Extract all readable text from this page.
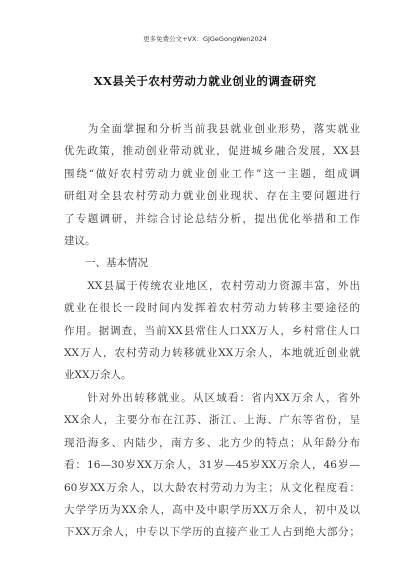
更多免费公文+VX：GJGeGongWen2024
XX县关于农村劳动力就业创业的调查研究
　　为全面掌握和分析当前我县就业创业形势，落实就业
优先政策，推动创业带动就业，促进城乡融合发展，XX县
围绕“做好农村劳动力就业创业工作”这一主题，组成调
研组对全县农村劳动力就业创业现状、存在主要问题进行
了专题调研，并综合讨论总结分析，提出优化举措和工作
建议。
　　一、基本情况
　　XX县属于传统农业地区，农村劳动力资源丰富，外出
就业在很长一段时间内发挥着农村劳动力转移主要途径的
作用。据调查，当前XX县常住人口XX万人，乡村常住人口
XX万人，农村劳动力转移就业XX万余人，本地就近创业就
业XX万余人。
　　针对外出转移就业。从区域看：省内XX万余人，省外
XX余人，主要分布在江苏、浙江、上海、广东等省份，呈
现沿海多、内陆少，南方多、北方少的特点；从年龄分布
看：16—30岁XX万余人，31岁—45岁XX万余人，46岁—
60岁XX万余人，以大龄农村劳动力为主；从文化程度看：
大学学历为XX余人，高中及中职学历XX万余人，初中及以
下XX万余人，中专以下学历的直接产业工人占到绝大部分；
